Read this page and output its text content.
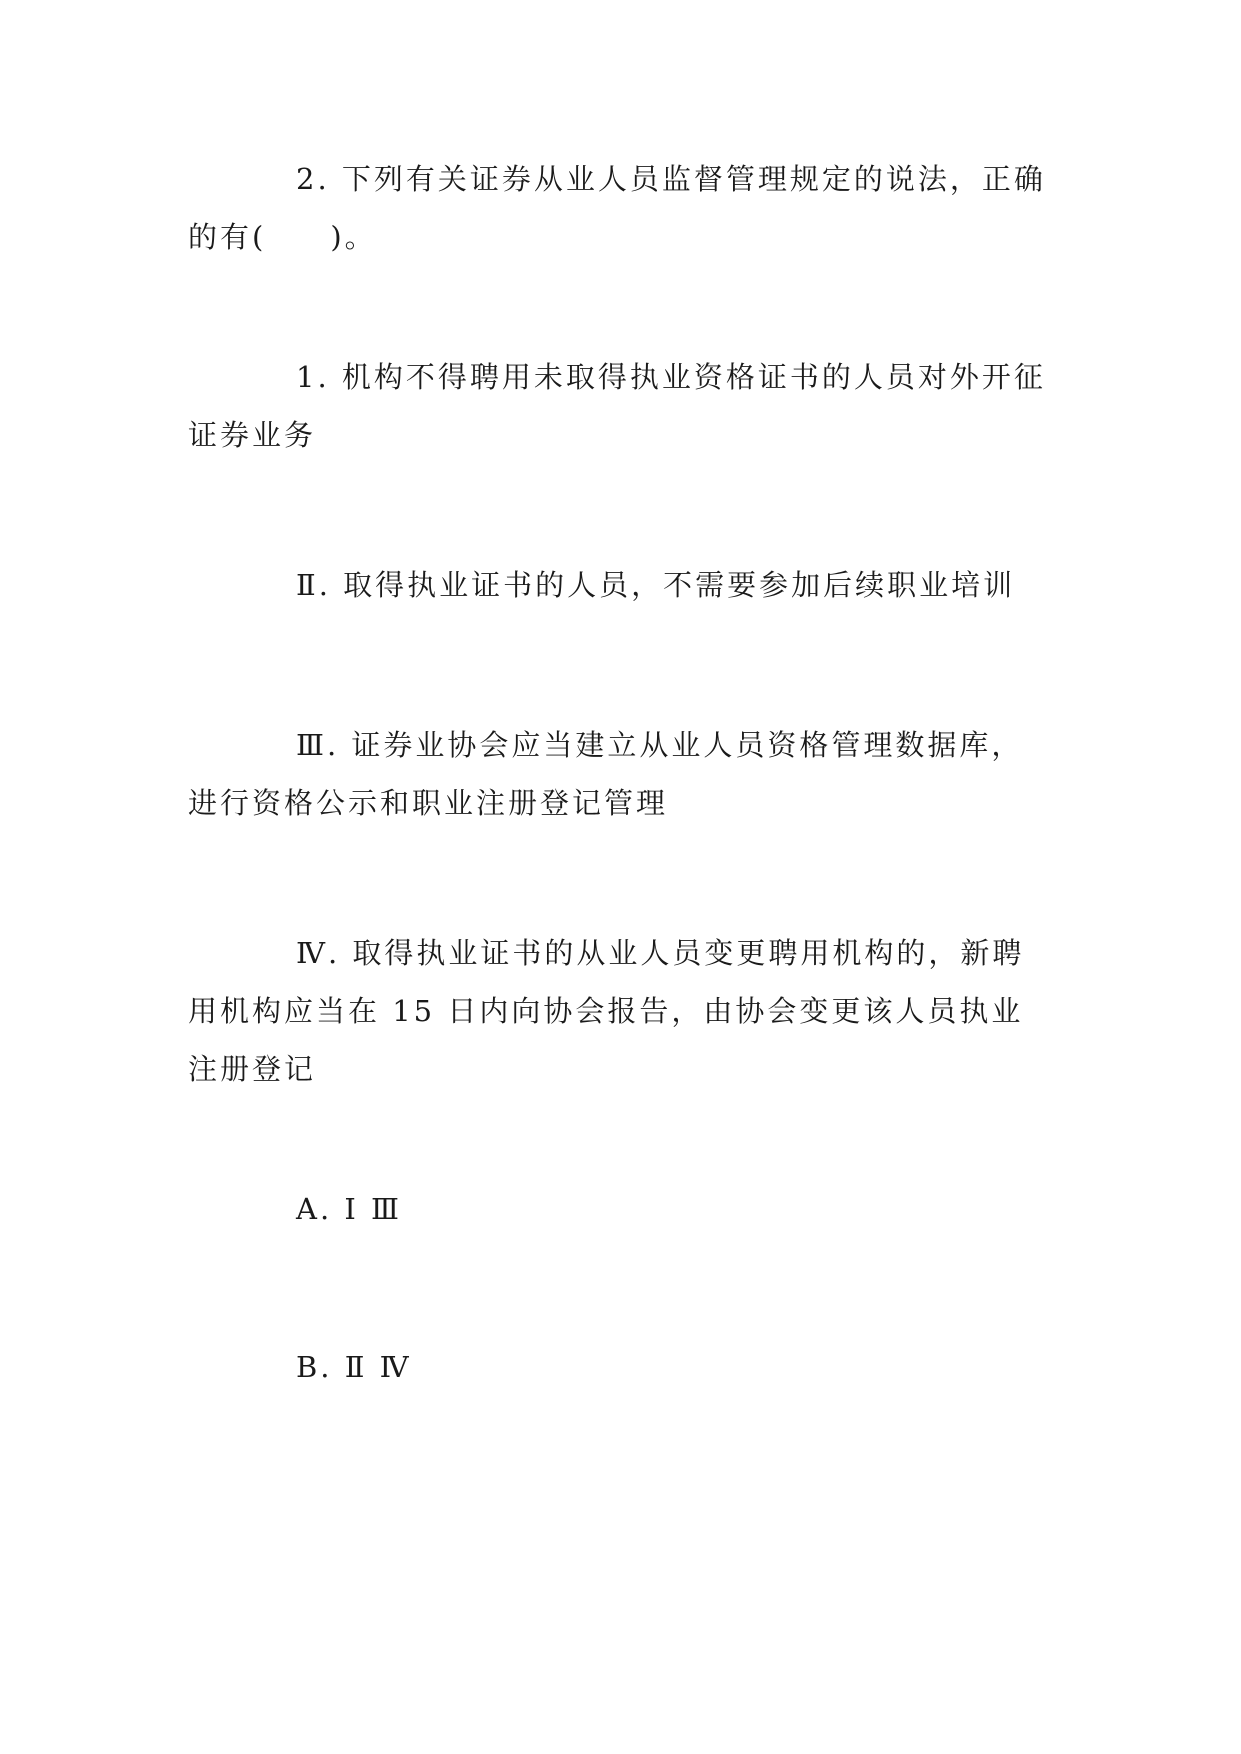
2. 下列有关证券从业人员监督管理规定的说法，正确的有(　　)。

1. 机构不得聘用未取得执业资格证书的人员对外开征证券业务

Ⅱ. 取得执业证书的人员，不需要参加后续职业培训

Ⅲ. 证券业协会应当建立从业人员资格管理数据库，进行资格公示和职业注册登记管理

Ⅳ. 取得执业证书的从业人员变更聘用机构的，新聘用机构应当在 15 日内向协会报告，由协会变更该人员执业注册登记

A. Ⅰ Ⅲ

B. Ⅱ Ⅳ
